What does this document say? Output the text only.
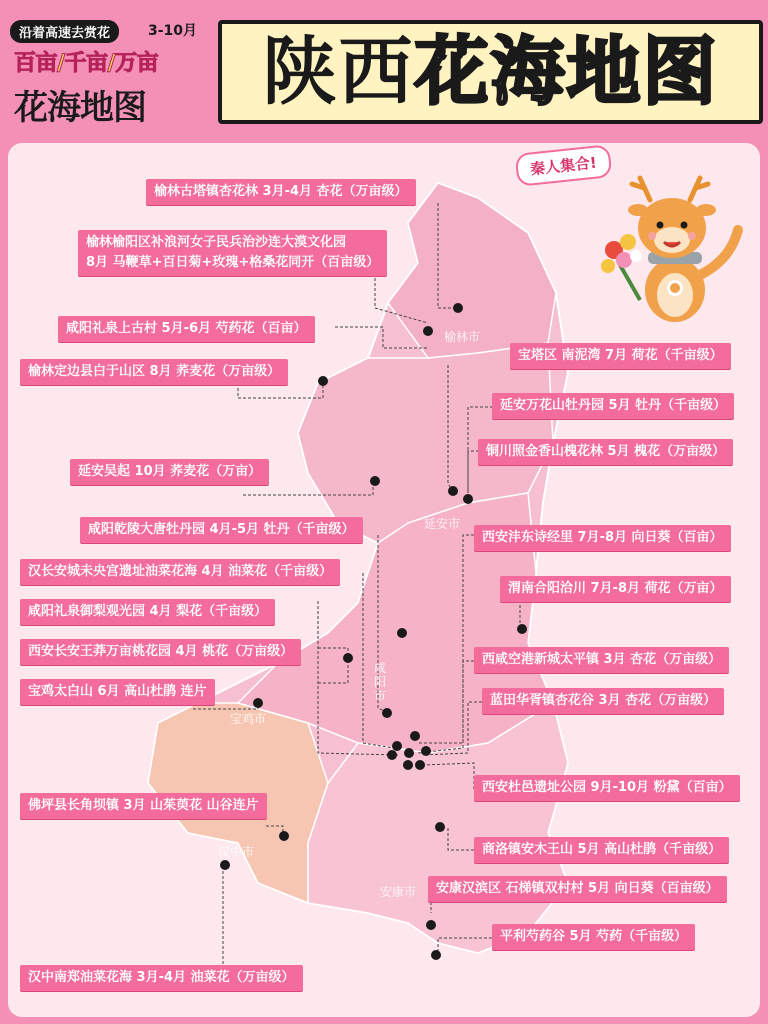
沿着高速去赏花	3-10月
百亩/千亩/万亩
花海地图 陕西 花海地图
榆林市
延安市
宝鸡市
咸阳市
汉中市
安康市
榆林古塔镇杏花林 3月-4月 杏花（万亩级）
榆林榆阳区补浪河女子民兵治沙连大漠文化园
8月 马鞭草+百日菊+玫瑰+格桑花同开（百亩级）
咸阳礼泉上古村 5月-6月 芍药花（百亩）
榆林定边县白于山区 8月 荞麦花（万亩级）
延安吴起 10月 荞麦花（万亩）
咸阳乾陵大唐牡丹园 4月-5月 牡丹（千亩级）
汉长安城未央宫遗址油菜花海 4月 油菜花（千亩级）
咸阳礼泉御梨观光园 4月 梨花（千亩级）
西安长安王莽万亩桃花园 4月 桃花（万亩级）
宝鸡太白山 6月 高山杜鹃 连片
佛坪县长角坝镇 3月 山茱萸花 山谷连片
汉中南郑油菜花海 3月-4月 油菜花（万亩级）
宝塔区 南泥湾 7月 荷花（千亩级）
延安万花山牡丹园 5月 牡丹（千亩级）
铜川照金香山槐花林 5月 槐花（万亩级）
西安沣东诗经里 7月-8月 向日葵（百亩）
渭南合阳洽川 7月-8月 荷花（万亩）
西咸空港新城太平镇 3月 杏花（万亩级）
蓝田华胥镇杏花谷 3月 杏花（万亩级）
西安杜邑遗址公园 9月-10月 粉黛（百亩）
商洛镇安木王山 5月 高山杜鹃（千亩级）
安康汉滨区 石梯镇双村村 5月 向日葵（百亩级）
平利芍药谷 5月 芍药（千亩级）
秦人集合!
